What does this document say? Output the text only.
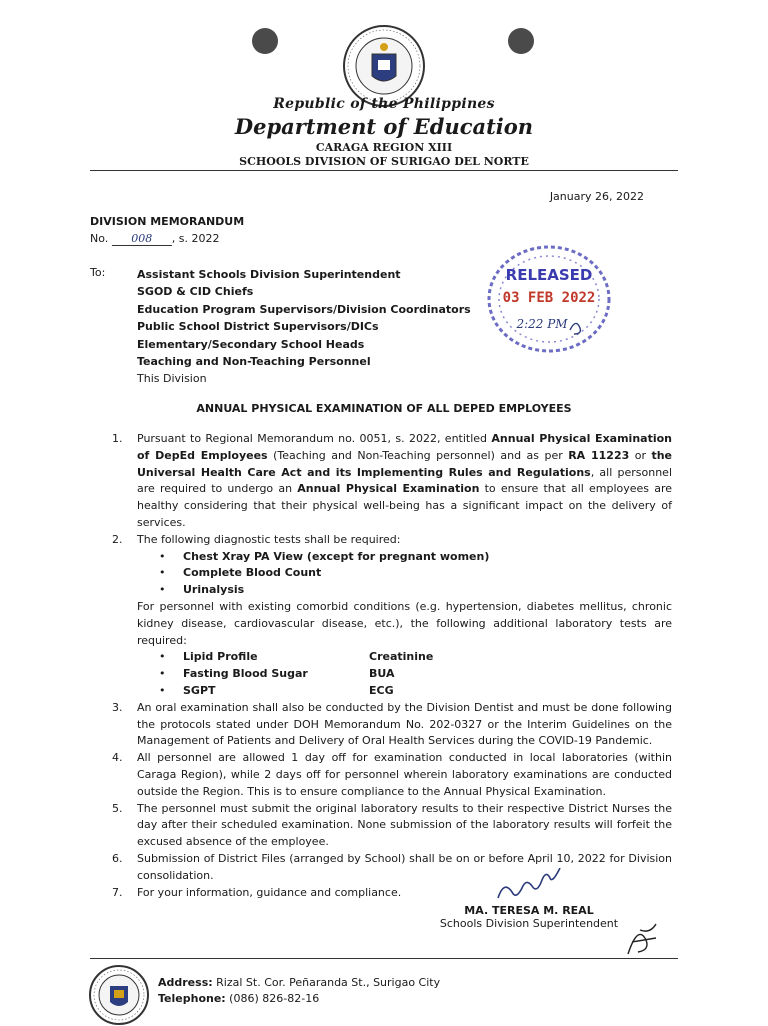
Republic of the Philippines
Department of Education
CARAGA REGION XIII
SCHOOLS DIVISION OF SURIGAO DEL NORTE
January 26, 2022
DIVISION MEMORANDUM
No. 008 , s. 2022
To:	Assistant Schools Division Superintendent
SGOD & CID Chiefs
Education Program Supervisors/Division Coordinators
Public School District Supervisors/DICs
Elementary/Secondary School Heads
Teaching and Non-Teaching Personnel
This Division
RELEASED
03 FEB 2022
2:22 PM
ANNUAL PHYSICAL EXAMINATION OF ALL DEPED EMPLOYEES
1.	Pursuant to Regional Memorandum no. 0051, s. 2022, entitled Annual Physical Examination of DepEd Employees (Teaching and Non-Teaching personnel) and as per RA 11223 or the Universal Health Care Act and its Implementing Rules and Regulations, all personnel are required to undergo an Annual Physical Examination to ensure that all employees are healthy considering that their physical well-being has a significant impact on the delivery of services.
2.	The following diagnostic tests shall be required:
•	Chest Xray PA View (except for pregnant women)
•	Complete Blood Count
•	Urinalysis
For personnel with existing comorbid conditions (e.g. hypertension, diabetes mellitus, chronic kidney disease, cardiovascular disease, etc.), the following additional laboratory tests are required:
•	Lipid Profile	Creatinine
•	Fasting Blood Sugar	BUA
•	SGPT	ECG
3.	An oral examination shall also be conducted by the Division Dentist and must be done following the protocols stated under DOH Memorandum No. 202-0327 or the Interim Guidelines on the Management of Patients and Delivery of Oral Health Services during the COVID-19 Pandemic.
4.	All personnel are allowed 1 day off for examination conducted in local laboratories (within Caraga Region), while 2 days off for personnel wherein laboratory examinations are conducted outside the Region. This is to ensure compliance to the Annual Physical Examination.
5.	The personnel must submit the original laboratory results to their respective District Nurses the day after their scheduled examination. None submission of the laboratory results will forfeit the excused absence of the employee.
6.	Submission of District Files (arranged by School) shall be on or before April 10, 2022 for Division consolidation.
7.	For your information, guidance and compliance.
MA. TERESA M. REAL
Schools Division Superintendent
Address: Rizal St. Cor. Peñaranda St., Surigao City
Telephone: (086) 826-82-16
